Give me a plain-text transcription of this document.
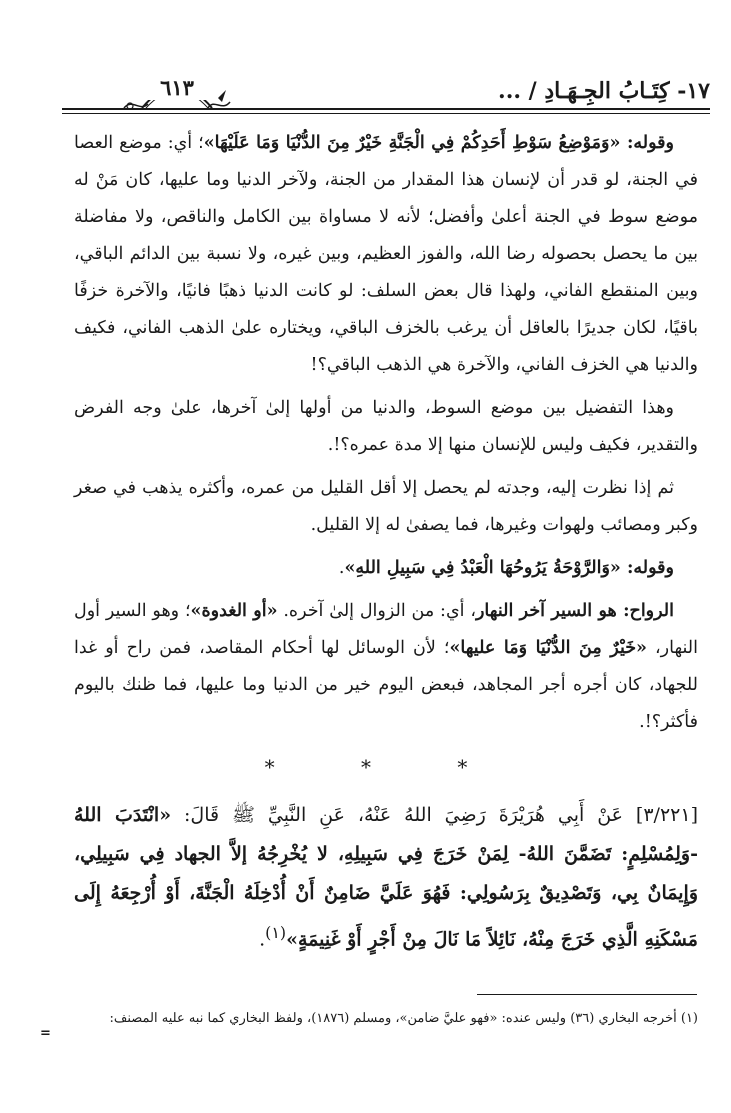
١٧- كِتَـابُ الجِـهَـادِ / ...
٦١٣

وقوله: «وَمَوْضِعُ سَوْطِ أَحَدِكُمْ فِي الْجَنَّةِ خَيْرٌ مِنَ الدُّنْيَا وَمَا عَلَيْهَا»؛ أي: موضع العصا في الجنة، لو قدر أن لإنسان هذا المقدار من الجنة، ولآخر الدنيا وما عليها، كان مَنْ له موضع سوط في الجنة أعلىٰ وأفضل؛ لأنه لا مساواة بين الكامل والناقص، ولا مفاضلة بين ما يحصل بحصوله رضا الله، والفوز العظيم، وبين غيره، ولا نسبة بين الدائم الباقي، وبين المنقطع الفاني، ولهذا قال بعض السلف: لو كانت الدنيا ذهبًا فانيًا، والآخرة خزفًا باقيًا، لكان جديرًا بالعاقل أن يرغب بالخزف الباقي، ويختاره علىٰ الذهب الفاني، فكيف والدنيا هي الخزف الفاني، والآخرة هي الذهب الباقي؟!

وهذا التفضيل بين موضع السوط، والدنيا من أولها إلىٰ آخرها، علىٰ وجه الفرض والتقدير، فكيف وليس للإنسان منها إلا مدة عمره؟!.

ثم إذا نظرت إليه، وجدته لم يحصل إلا أقل القليل من عمره، وأكثره يذهب في صغر وكبر ومصائب ولهوات وغيرها، فما يصفىٰ له إلا القليل.

وقوله: «وَالرَّوْحَةُ يَرُوحُهَا الْعَبْدُ فِي سَبِيلِ اللهِ».

الرواح: هو السير آخر النهار، أي: من الزوال إلىٰ آخره. «أو الغدوة»؛ وهو السير أول النهار، «خَيْرٌ مِنَ الدُّنْيَا وَمَا عليها»؛ لأن الوسائل لها أحكام المقاصد، فمن راح أو غدا للجهاد، كان أجره أجر المجاهد، فبعض اليوم خير من الدنيا وما عليها، فما ظنك باليوم فأكثر؟!.

* * *

[٣/٢٢١] عَنْ أَبِي هُرَيْرَةَ رَضِيَ اللهُ عَنْهُ، عَنِ النَّبِيِّ ﷺ قَالَ: «انْتَدَبَ اللهُ -وَلِمُسْلِمٍ: تَضَمَّنَ اللهُ- لِمَنْ خَرَجَ فِي سَبِيلِهِ، لا يُخْرِجُهُ إلاَّ الجهاد فِي سَبِيلِي، وَإِيمَانٌ بِي، وَتَصْدِيقٌ بِرَسُولِي: فَهُوَ عَلَيَّ ضَامِنٌ أَنْ أُدْخِلَهُ الْجَنَّةَ، أَوْ أُرْجِعَهُ إِلَى مَسْكَنِهِ الَّذِي خَرَجَ مِنْهُ، نَائِلاً مَا نَالَ مِنْ أَجْرٍ أَوْ غَنِيمَةٍ»$^{(١)}$.

(١) أخرجه البخاري (٣٦) وليس عنده: «فهو عليَّ ضامن»، ومسلم (١٨٧٦)، ولفظ البخاري كما نبه عليه المصنف:
=
